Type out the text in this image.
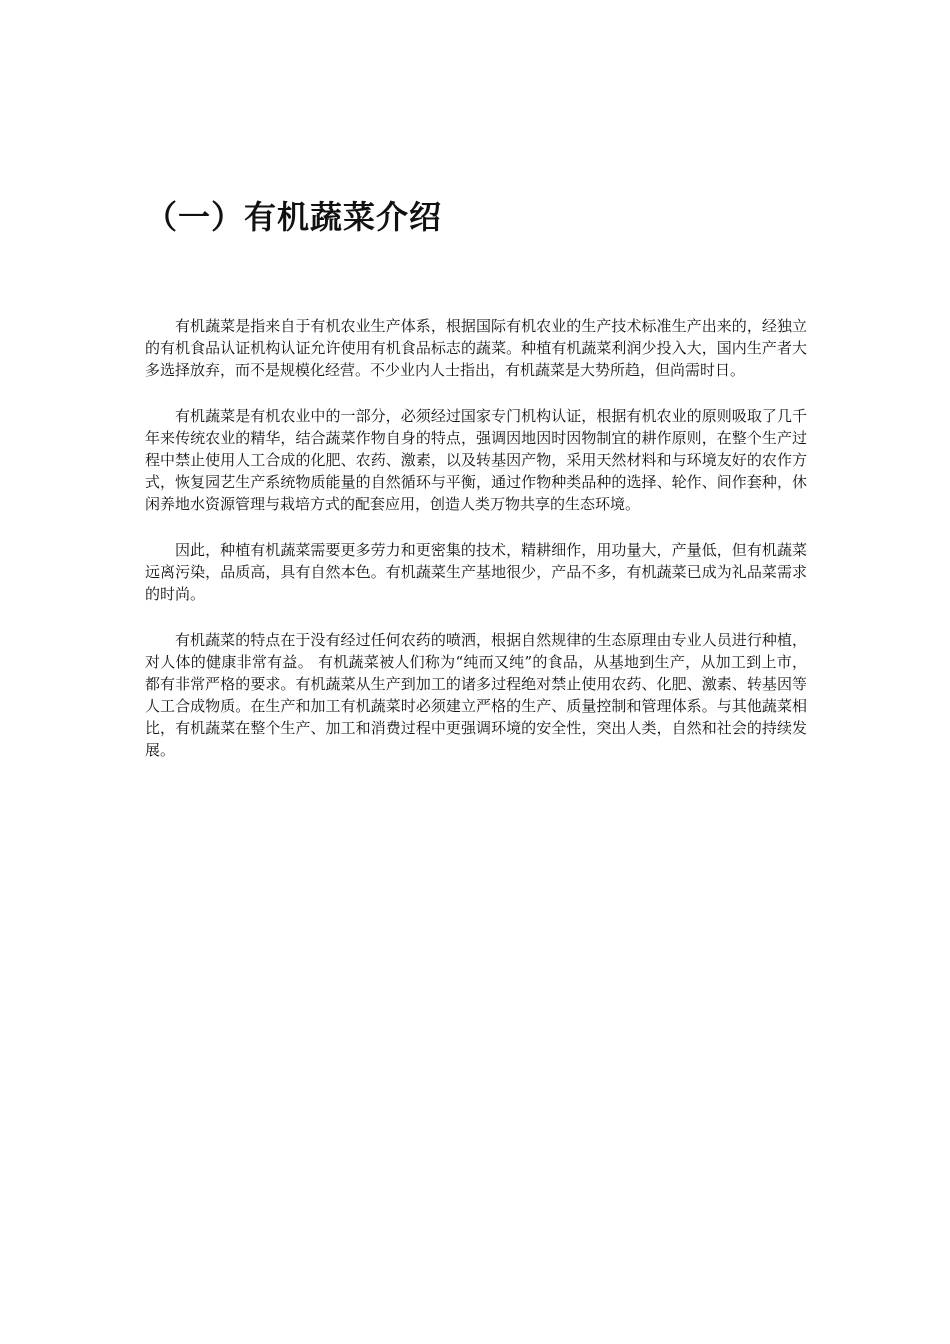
（一）有机蔬菜介绍

有机蔬菜是指来自于有机农业生产体系，根据国际有机农业的生产技术标准生产出来的，经独立的有机食品认证机构认证允许使用有机食品标志的蔬菜。种植有机蔬菜利润少投入大，国内生产者大多选择放弃，而不是规模化经营。不少业内人士指出，有机蔬菜是大势所趋，但尚需时日。

有机蔬菜是有机农业中的一部分，必须经过国家专门机构认证，根据有机农业的原则吸取了几千年来传统农业的精华，结合蔬菜作物自身的特点，强调因地因时因物制宜的耕作原则，在整个生产过程中禁止使用人工合成的化肥、农药、激素，以及转基因产物，采用天然材料和与环境友好的农作方式，恢复园艺生产系统物质能量的自然循环与平衡，通过作物种类品种的选择、轮作、间作套种，休闲养地水资源管理与栽培方式的配套应用，创造人类万物共享的生态环境。

因此，种植有机蔬菜需要更多劳力和更密集的技术，精耕细作，用功量大，产量低，但有机蔬菜远离污染，品质高，具有自然本色。有机蔬菜生产基地很少，产品不多，有机蔬菜已成为礼品菜需求的时尚。

有机蔬菜的特点在于没有经过任何农药的喷洒，根据自然规律的生态原理由专业人员进行种植，对人体的健康非常有益。 有机蔬菜被人们称为“纯而又纯”的食品，从基地到生产，从加工到上市，都有非常严格的要求。有机蔬菜从生产到加工的诸多过程绝对禁止使用农药、化肥、激素、转基因等人工合成物质。在生产和加工有机蔬菜时必须建立严格的生产、质量控制和管理体系。与其他蔬菜相比，有机蔬菜在整个生产、加工和消费过程中更强调环境的安全性，突出人类，自然和社会的持续发展。
